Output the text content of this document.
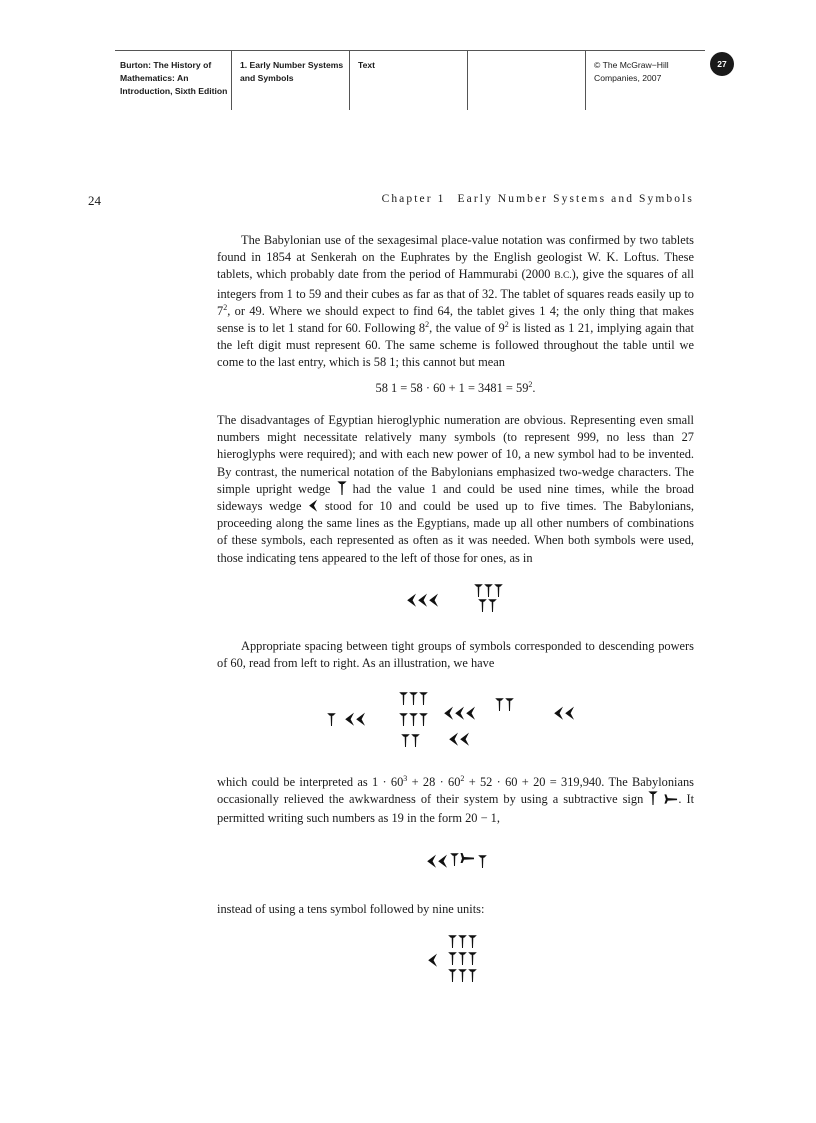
Burton: The History of
Mathematics: An
Introduction, Sixth Edition
1. Early Number Systems
and Symbols
Text	© The McGraw−Hill
Companies, 2007
27
24	Chapter 1 Early Number Systems and Symbols

The Babylonian use of the sexagesimal place-value notation was confirmed by two tablets found in 1854 at Senkerah on the Euphrates by the English geologist W. K. Loftus. These tablets, which probably date from the period of Hammurabi (2000 B.C.), give the squares of all integers from 1 to 59 and their cubes as far as that of 32. The tablet of squares reads easily up to $7^2$, or 49. Where we should expect to find 64, the tablet gives 1 4; the only thing that makes sense is to let 1 stand for 60. Following $8^2$, the value of $9^2$ is listed as 1 21, implying again that the left digit must represent 60. The same scheme is followed throughout the table until we come to the last entry, which is 58 1; this cannot but mean

58 $1 = 58 \cdot 60 + 1 = 3481 = 59^2$.

The disadvantages of Egyptian hieroglyphic numeration are obvious. Representing even small numbers might necessitate relatively many symbols (to represent 999, no less than 27 hieroglyphs were required); and with each new power of 10, a new symbol had to be invented. By contrast, the numerical notation of the Babylonians emphasized two-wedge characters. The simple upright wedge  had the value 1 and could be used nine times, while the broad sideways wedge  stood for 10 and could be used up to five times. The Babylonians, proceeding along the same lines as the Egyptians, made up all other numbers of combinations of these symbols, each represented as often as it was needed. When both symbols were used, those indicating tens appeared to the left of those for ones, as in

Appropriate spacing between tight groups of symbols corresponded to descending powers of 60, read from left to right. As an illustration, we have

which could be interpreted as $1 \cdot 60^3 + 28 \cdot 60^2 + 52 \cdot 60 + 20 = 319,940$. The Babylonians occasionally relieved the awkwardness of their system by using a subtractive sign . It permitted writing such numbers as 19 in the form 20 − 1,

instead of using a tens symbol followed by nine units:
